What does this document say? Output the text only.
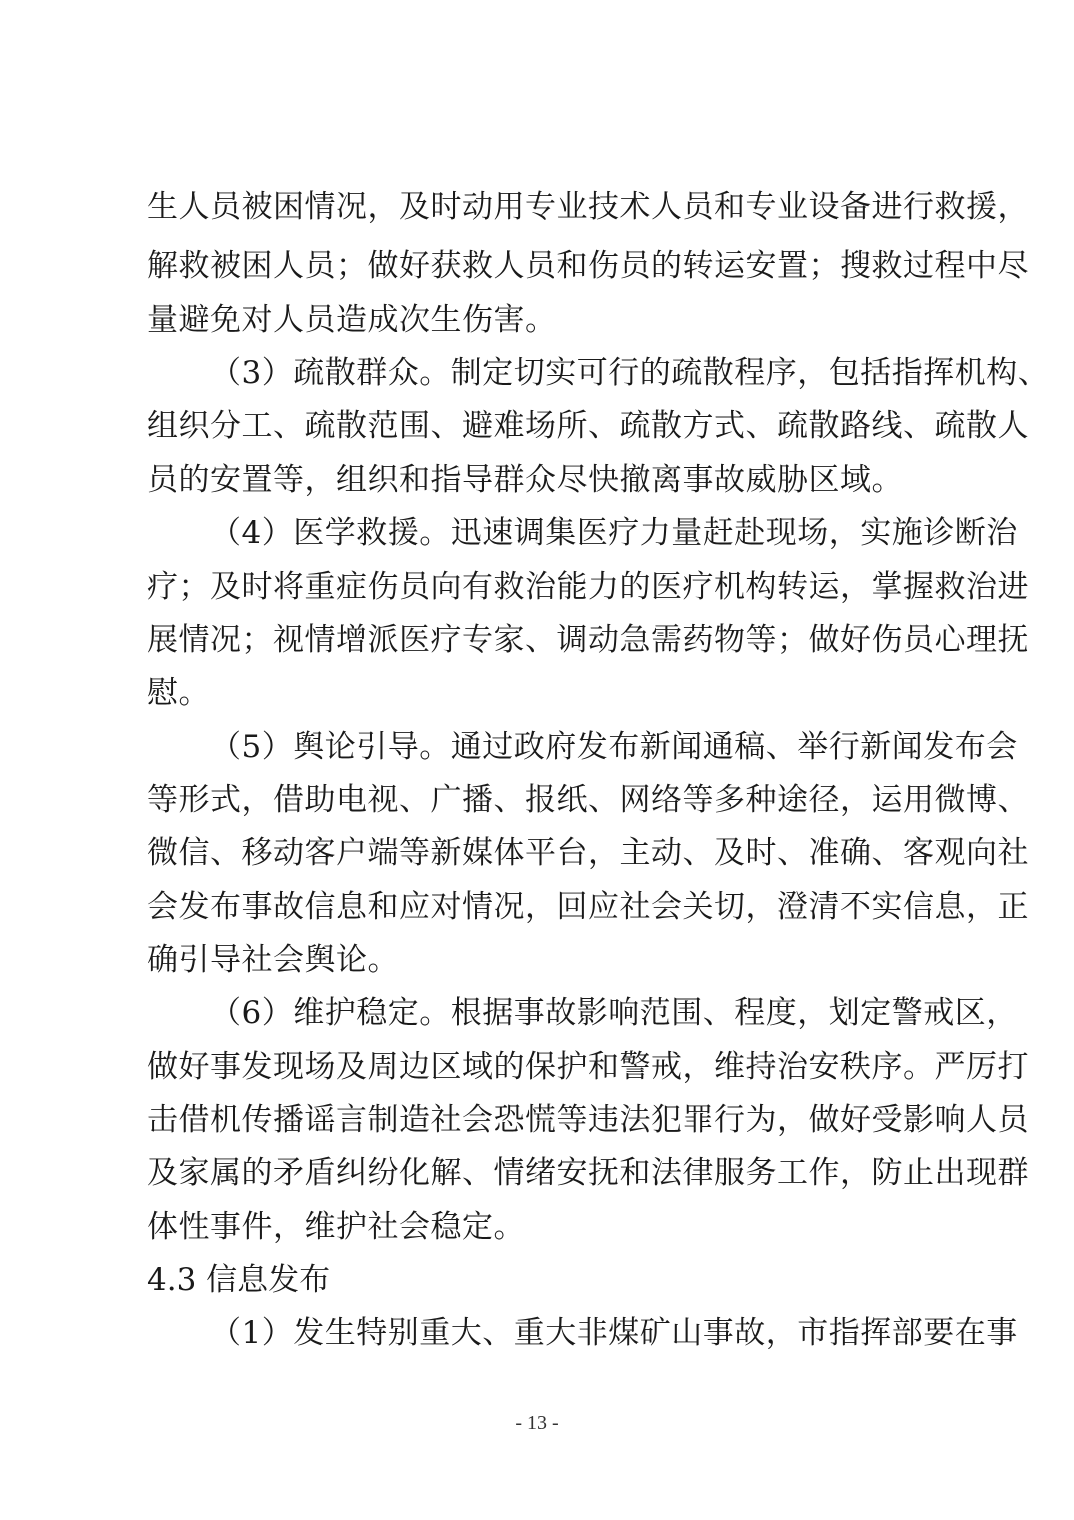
生人员被困情况，及时动用专业技术人员和专业设备进行救援，
解救被困人员；做好获救人员和伤员的转运安置；搜救过程中尽
量避免对人员造成次生伤害。
（3）疏散群众。制定切实可行的疏散程序，包括指挥机构、
组织分工、疏散范围、避难场所、疏散方式、疏散路线、疏散人
员的安置等，组织和指导群众尽快撤离事故威胁区域。
（4）医学救援。迅速调集医疗力量赶赴现场，实施诊断治
疗；及时将重症伤员向有救治能力的医疗机构转运，掌握救治进
展情况；视情增派医疗专家、调动急需药物等；做好伤员心理抚
慰。
（5）舆论引导。通过政府发布新闻通稿、举行新闻发布会
等形式，借助电视、广播、报纸、网络等多种途径，运用微博、
微信、移动客户端等新媒体平台，主动、及时、准确、客观向社
会发布事故信息和应对情况，回应社会关切，澄清不实信息，正
确引导社会舆论。
（6）维护稳定。根据事故影响范围、程度，划定警戒区，
做好事发现场及周边区域的保护和警戒，维持治安秩序。严厉打
击借机传播谣言制造社会恐慌等违法犯罪行为，做好受影响人员
及家属的矛盾纠纷化解、情绪安抚和法律服务工作，防止出现群
体性事件，维护社会稳定。
4.3 信息发布
（1）发生特别重大、重大非煤矿山事故，市指挥部要在事
- 13 -
